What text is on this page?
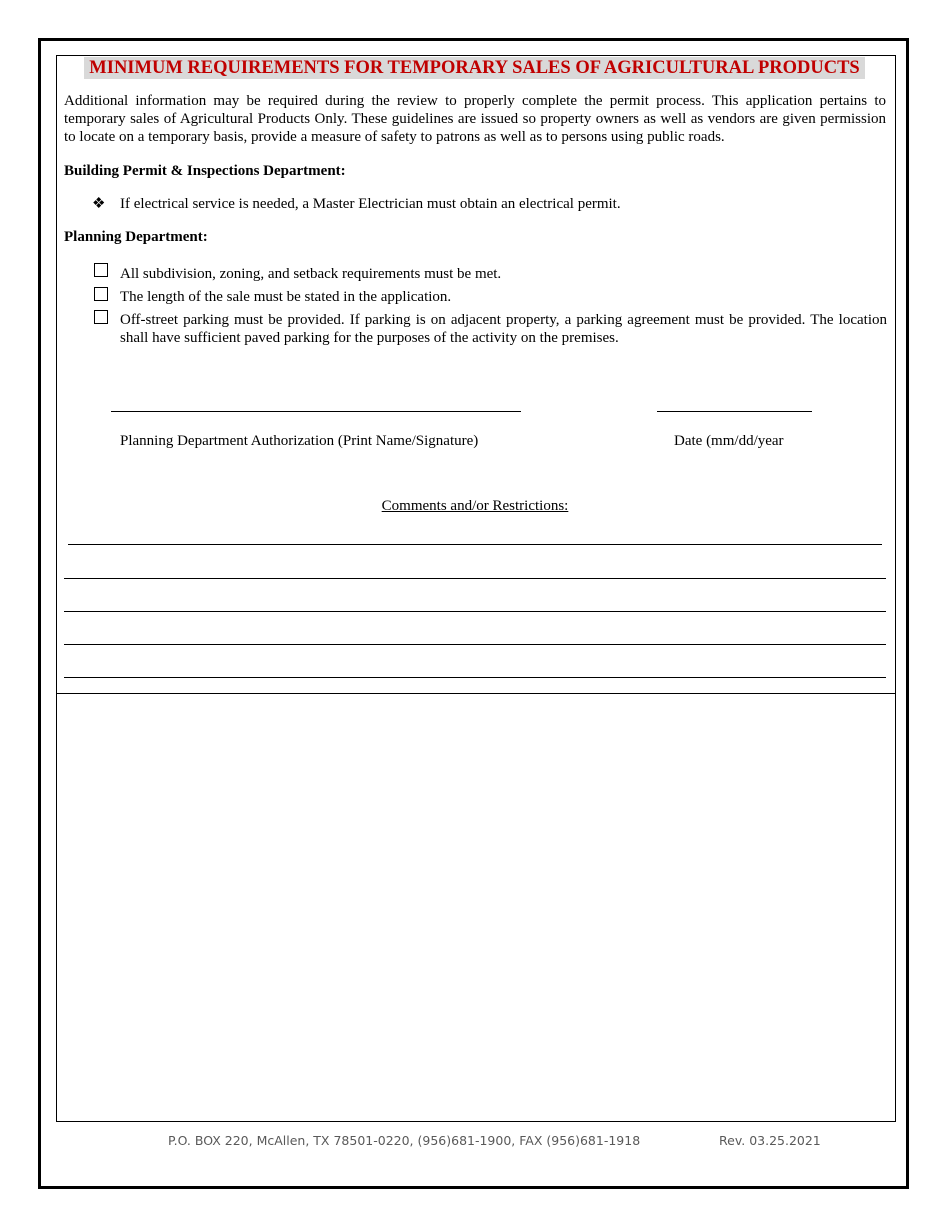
MINIMUM REQUIREMENTS FOR TEMPORARY SALES OF AGRICULTURAL PRODUCTS

Additional information may be required during the review to properly complete the permit process. This application pertains to temporary sales of Agricultural Products Only. These guidelines are issued so property owners as well as vendors are given permission to locate on a temporary basis, provide a measure of safety to patrons as well as to persons using public roads.

Building Permit & Inspections Department:
❖ If electrical service is needed, a Master Electrician must obtain an electrical permit.

Planning Department:

All subdivision, zoning, and setback requirements must be met.

The length of the sale must be stated in the application.

Off-street parking must be provided. If parking is on adjacent property, a parking agreement must be provided. The location shall have sufficient paved parking for the purposes of the activity on the premises.

Planning Department Authorization (Print Name/Signature)	Date (mm/dd/year
Comments and/or Restrictions:
P.O. BOX 220, McAllen, TX 78501-0220, (956)681-1900, FAX (956)681-1918	Rev. 03.25.2021
